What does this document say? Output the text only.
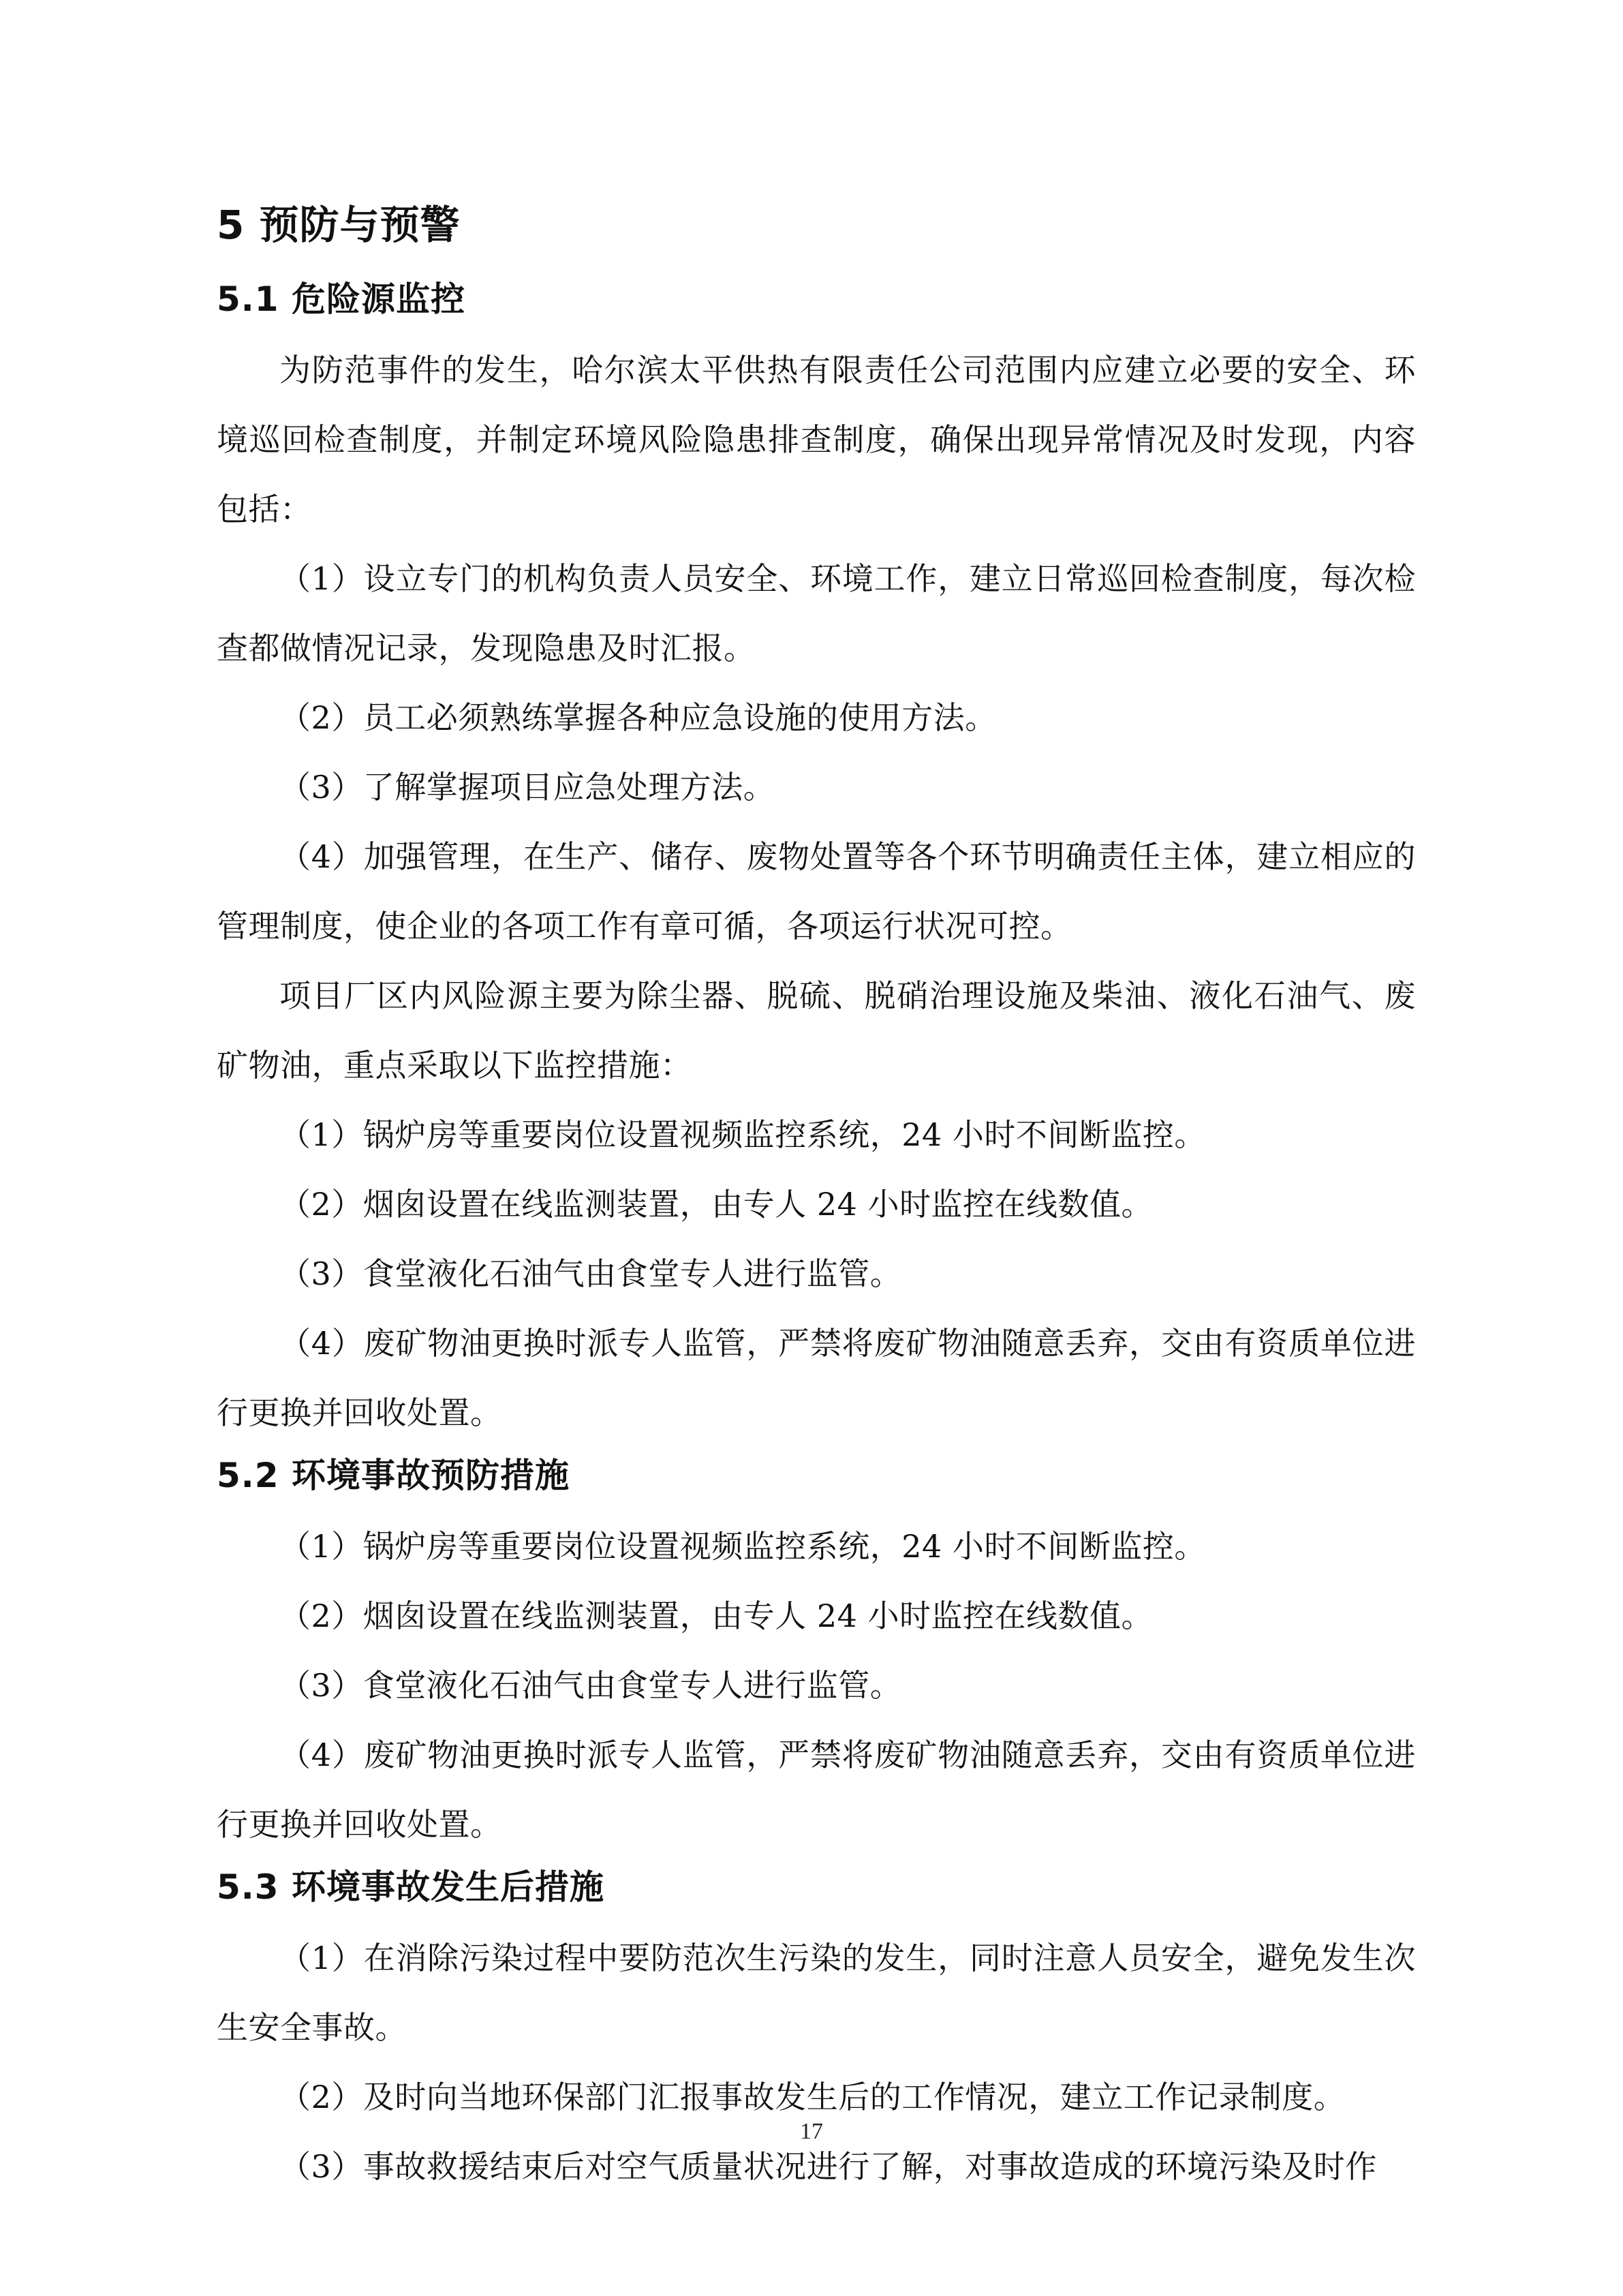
5 预防与预警
5.1 危险源监控

为防范事件的发生，哈尔滨太平供热有限责任公司范围内应建立必要的安全、环境巡回检查制度，并制定环境风险隐患排查制度，确保出现异常情况及时发现，内容包括：

（1）设立专门的机构负责人员安全、环境工作，建立日常巡回检查制度，每次检查都做情况记录，发现隐患及时汇报。

（2）员工必须熟练掌握各种应急设施的使用方法。

（3）了解掌握项目应急处理方法。

（4）加强管理，在生产、储存、废物处置等各个环节明确责任主体，建立相应的管理制度，使企业的各项工作有章可循，各项运行状况可控。

项目厂区内风险源主要为除尘器、脱硫、脱硝治理设施及柴油、液化石油气、废矿物油，重点采取以下监控措施：

（1）锅炉房等重要岗位设置视频监控系统，24 小时不间断监控。

（2）烟囱设置在线监测装置，由专人 24 小时监控在线数值。

（3）食堂液化石油气由食堂专人进行监管。

（4）废矿物油更换时派专人监管，严禁将废矿物油随意丢弃，交由有资质单位进行更换并回收处置。

5.2 环境事故预防措施

（1）锅炉房等重要岗位设置视频监控系统，24 小时不间断监控。

（2）烟囱设置在线监测装置，由专人 24 小时监控在线数值。

（3）食堂液化石油气由食堂专人进行监管。

（4）废矿物油更换时派专人监管，严禁将废矿物油随意丢弃，交由有资质单位进行更换并回收处置。

5.3 环境事故发生后措施

（1）在消除污染过程中要防范次生污染的发生，同时注意人员安全，避免发生次生安全事故。

（2）及时向当地环保部门汇报事故发生后的工作情况，建立工作记录制度。

（3）事故救援结束后对空气质量状况进行了解，对事故造成的环境污染及时作

17
